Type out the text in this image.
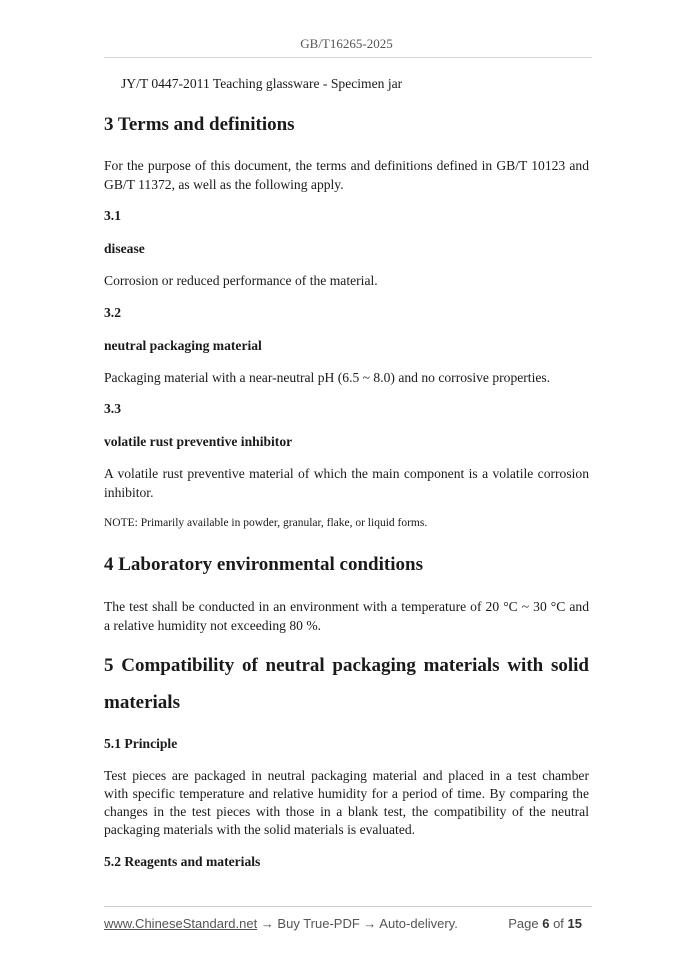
GB/T16265-2025
JY/T 0447-2011 Teaching glassware - Specimen jar
3 Terms and definitions
For the purpose of this document, the terms and definitions defined in GB/T 10123 and
GB/T 11372, as well as the following apply.
3.1
disease
Corrosion or reduced performance of the material.
3.2
neutral packaging material
Packaging material with a near-neutral pH (6.5 ~ 8.0) and no corrosive properties.
3.3
volatile rust preventive inhibitor
A volatile rust preventive material of which the main component is a volatile corrosion
inhibitor.
NOTE: Primarily available in powder, granular, flake, or liquid forms.
4 Laboratory environmental conditions
The test shall be conducted in an environment with a temperature of 20 °C ~ 30 °C and
a relative humidity not exceeding 80 %.
5 Compatibility of neutral packaging materials with solid
materials
5.1 Principle
Test pieces are packaged in neutral packaging material and placed in a test chamber
with specific temperature and relative humidity for a period of time. By comparing the
changes in the test pieces with those in a blank test, the compatibility of the neutral
packaging materials with the solid materials is evaluated.
5.2 Reagents and materials
www.ChineseStandard.net → Buy True-PDF → Auto-delivery.	Page 6 of 15
